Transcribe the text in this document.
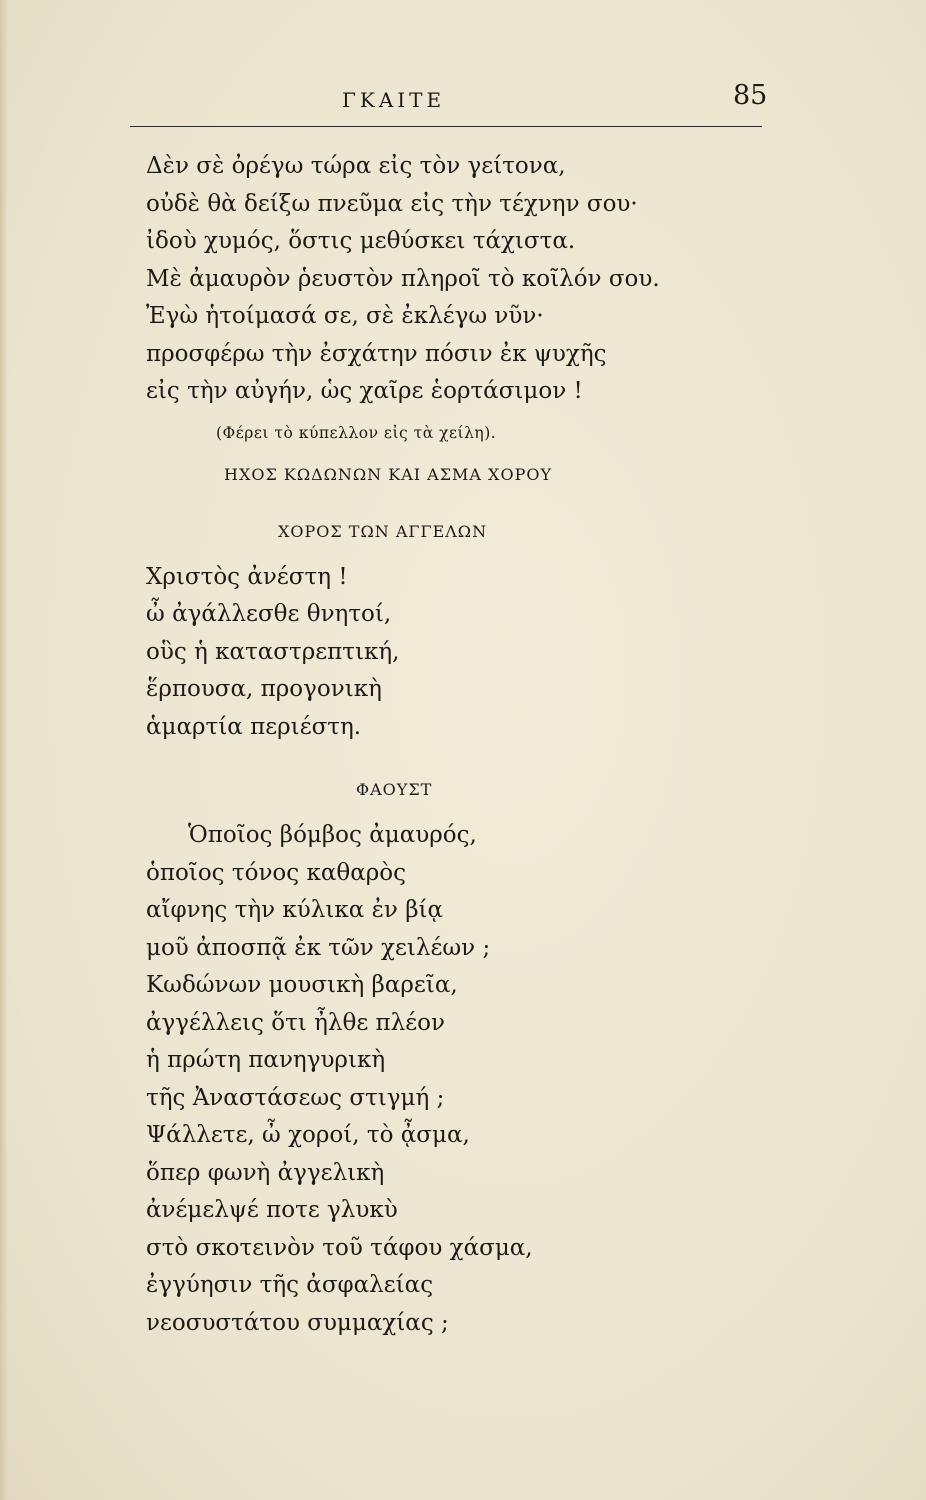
ΓΚΑΙΤΕ	85
Δὲν σὲ ὀρέγω τώρα εἰς τὸν γείτονα,
οὐδὲ θὰ δείξω πνεῦμα εἰς τὴν τέχνην σου·
ἰδοὺ χυμός, ὅστις μεθύσκει τάχιστα.
Μὲ ἀμαυρὸν ῥευστὸν πληροῖ τὸ κοῖλόν σου.
Ἐγὼ ἡτοίμασά σε, σὲ ἐκλέγω νῦν·
προσφέρω τὴν ἐσχάτην πόσιν ἐκ ψυχῆς
εἰς τὴν αὐγήν, ὡς χαῖρε ἑορτάσιμον !
(Φέρει τὸ κύπελλον εἰς τὰ χείλη).
ΗΧΟΣ ΚΩΔΩΝΩΝ ΚΑΙ ΑΣΜΑ ΧΟΡΟΥ
ΧΟΡΟΣ ΤΩΝ ΑΓΓΕΛΩΝ
Χριστὸς ἀνέστη !
ὦ ἀγάλλεσθε θνητοί,
οὓς ἡ καταστρεπτική,
ἕρπουσα, προγονικὴ
ἁμαρτία περιέστη.
ΦΑΟΥΣΤ
Ὁποῖος βόμβος ἀμαυρός,
ὁποῖος τόνος καθαρὸς
αἴφνης τὴν κύλικα ἐν βίᾳ
μοῦ ἀποσπᾷ ἐκ τῶν χειλέων ;
Κωδώνων μουσικὴ βαρεῖα,
ἀγγέλλεις ὅτι ἦλθε πλέον
ἡ πρώτη πανηγυρικὴ
τῆς Ἀναστάσεως στιγμή ;
Ψάλλετε, ὦ χοροί, τὸ ᾆσμα,
ὅπερ φωνὴ ἀγγελικὴ
ἀνέμελψέ ποτε γλυκὺ
στὸ σκοτεινὸν τοῦ τάφου χάσμα,
ἐγγύησιν τῆς ἀσφαλείας
νεοσυστάτου συμμαχίας ;
